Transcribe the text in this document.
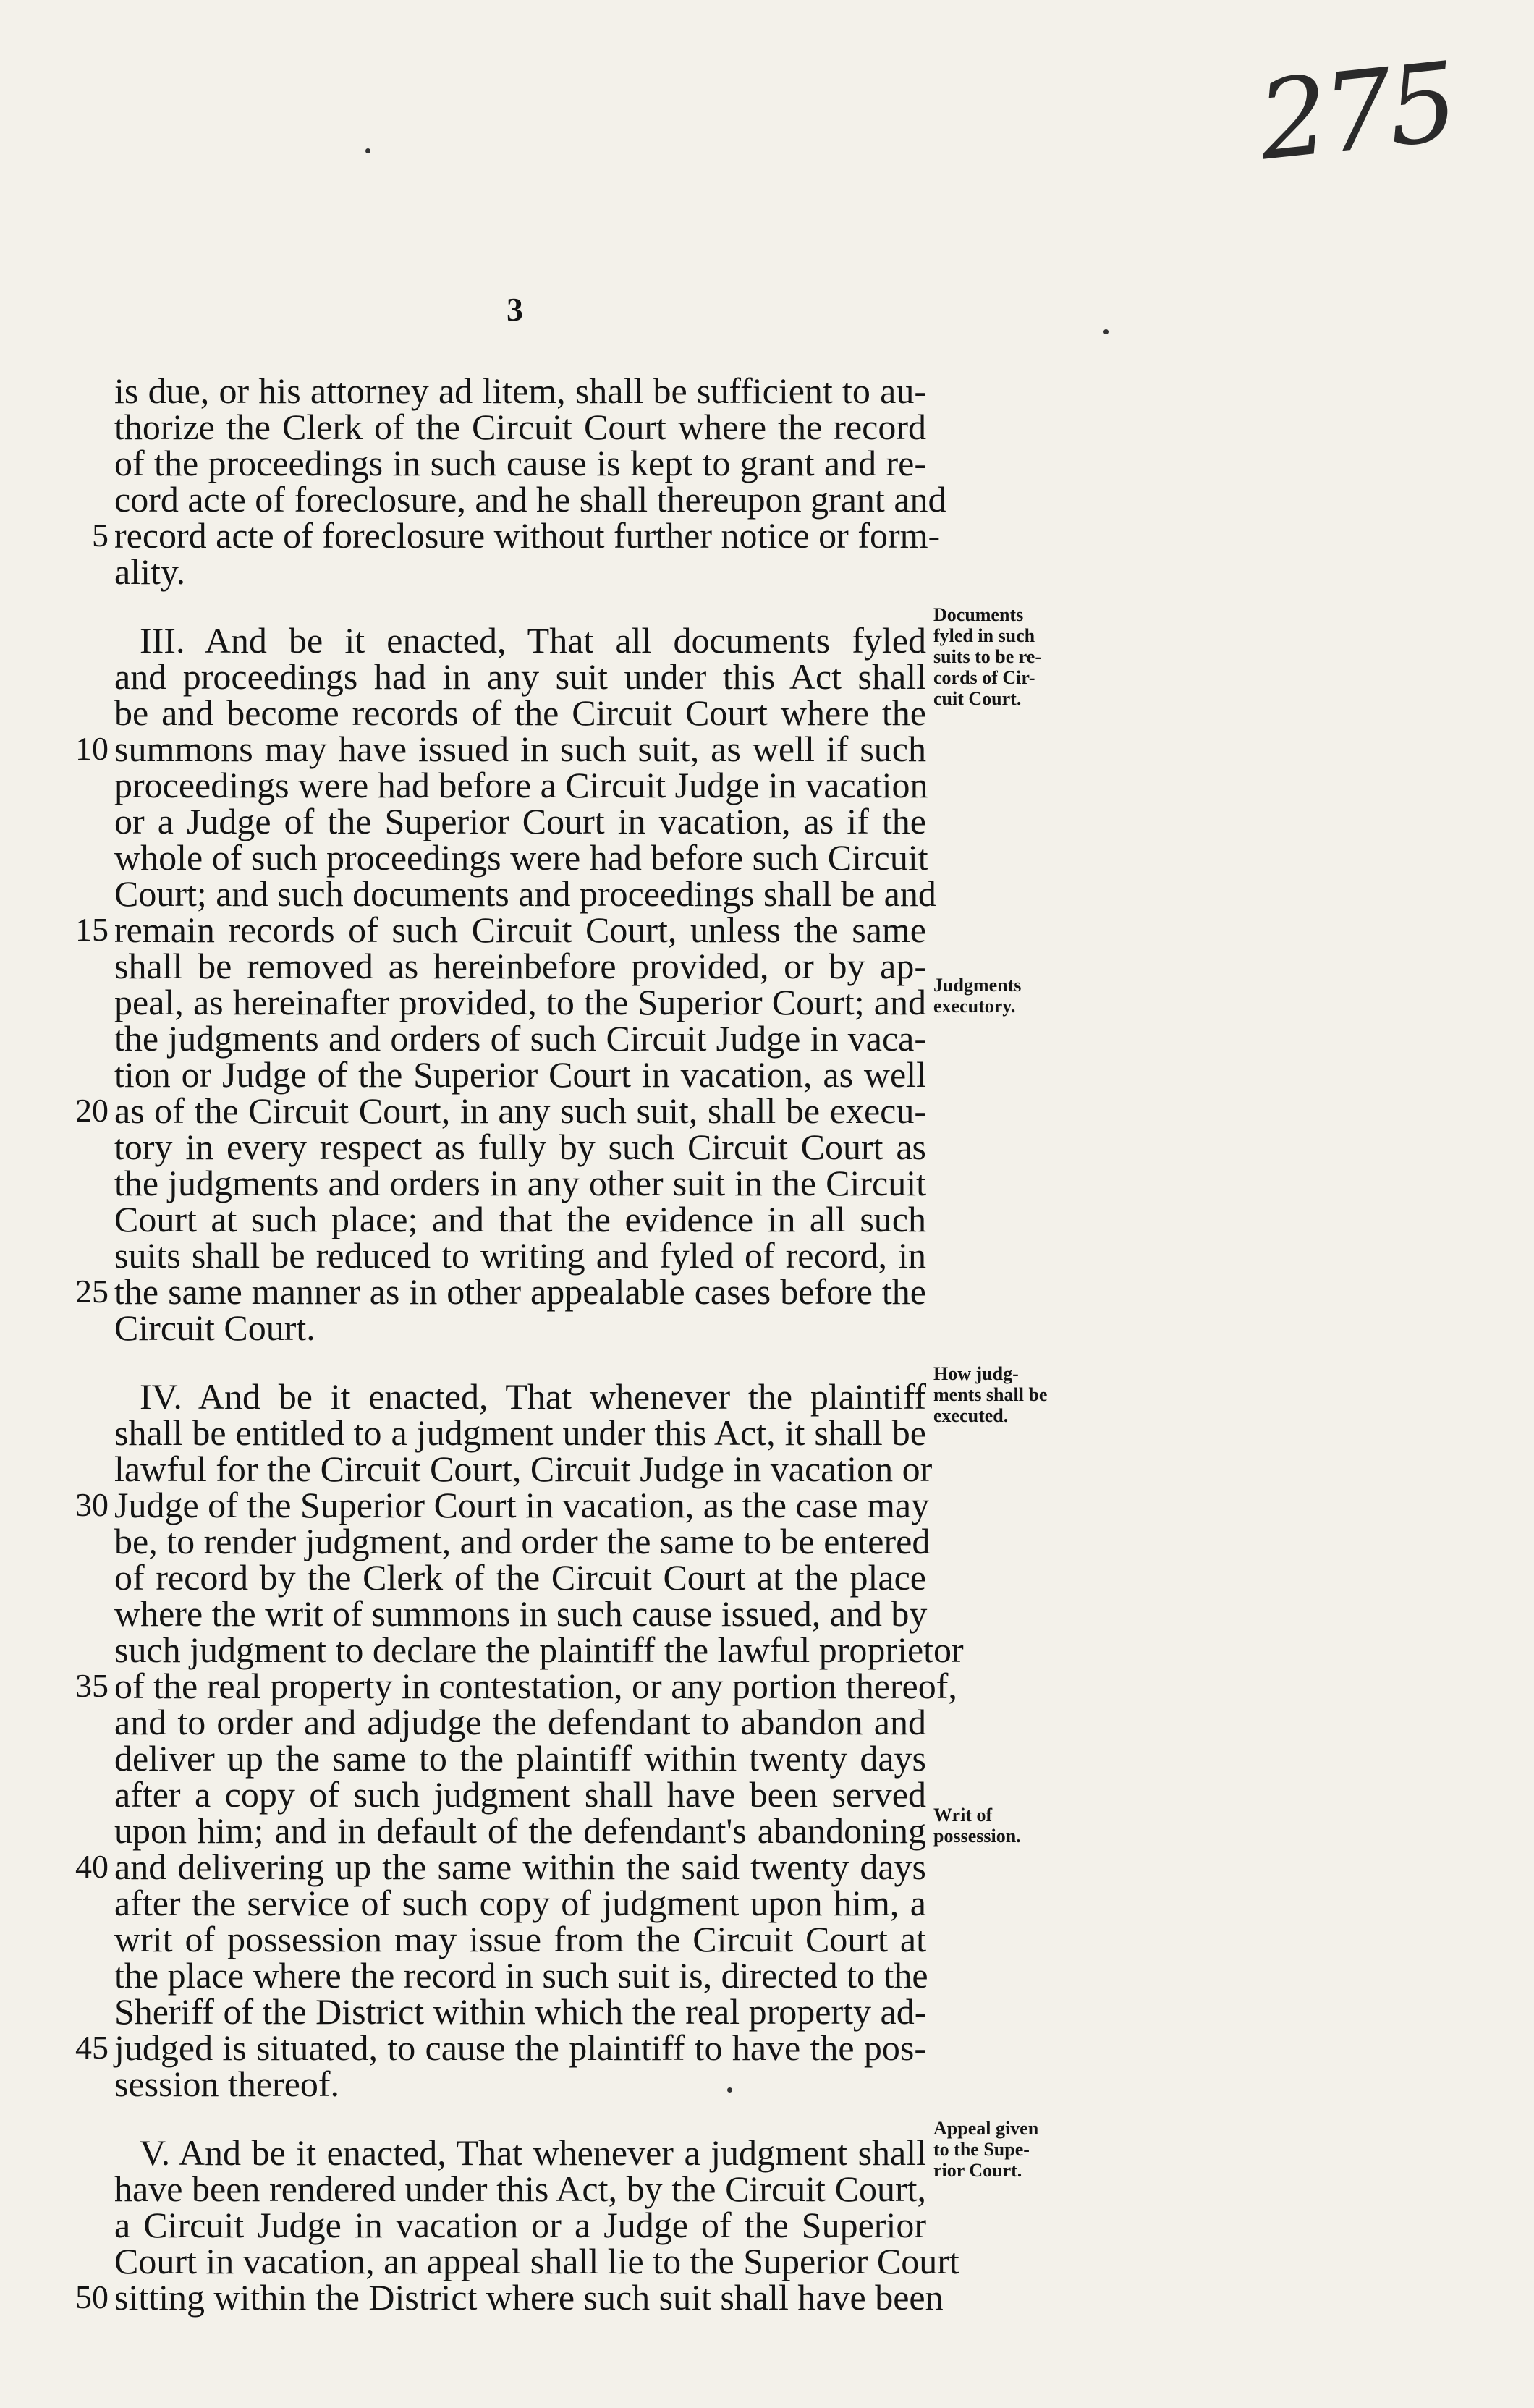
275
3
is due, or his attorney ad litem, shall be sufficient to au-
thorize the Clerk of the Circuit Court where the record
of the proceedings in such cause is kept to grant and re-
cord acte of foreclosure, and he shall thereupon grant and
record acte of foreclosure without further notice or form-
ality.
III. And be it enacted, That all documents fyled
and proceedings had in any suit under this Act shall
be and become records of the Circuit Court where the
summons may have issued in such suit, as well if such
proceedings were had before a Circuit Judge in vacation
or a Judge of the Superior Court in vacation, as if the
whole of such proceedings were had before such Circuit
Court; and such documents and proceedings shall be and
remain records of such Circuit Court, unless the same
shall be removed as hereinbefore provided, or by ap-
peal, as hereinafter provided, to the Superior Court; and
the judgments and orders of such Circuit Judge in vaca-
tion or Judge of the Superior Court in vacation, as well
as of the Circuit Court, in any such suit, shall be execu-
tory in every respect as fully by such Circuit Court as
the judgments and orders in any other suit in the Circuit
Court at such place; and that the evidence in all such
suits shall be reduced to writing and fyled of record, in
the same manner as in other appealable cases before the
Circuit Court.
IV. And be it enacted, That whenever the plaintiff
shall be entitled to a judgment under this Act, it shall be
lawful for the Circuit Court, Circuit Judge in vacation or
Judge of the Superior Court in vacation, as the case may
be, to render judgment, and order the same to be entered
of record by the Clerk of the Circuit Court at the place
where the writ of summons in such cause issued, and by
such judgment to declare the plaintiff the lawful proprietor
of the real property in contestation, or any portion thereof,
and to order and adjudge the defendant to abandon and
deliver up the same to the plaintiff within twenty days
after a copy of such judgment shall have been served
upon him; and in default of the defendant's abandoning
and delivering up the same within the said twenty days
after the service of such copy of judgment upon him, a
writ of possession may issue from the Circuit Court at
the place where the record in such suit is, directed to the
Sheriff of the District within which the real property ad-
judged is situated, to cause the plaintiff to have the pos-
session thereof.
V. And be it enacted, That whenever a judgment shall
have been rendered under this Act, by the Circuit Court,
a Circuit Judge in vacation or a Judge of the Superior
Court in vacation, an appeal shall lie to the Superior Court
sitting within the District where such suit shall have been
5
10
15
20
25
30
35
40
45
50
Documents
fyled in such
suits to be re-
cords of Cir-
cuit Court.
Judgments
executory.
How judg-
ments shall be
executed.
Writ of
possession.
Appeal given
to the Supe-
rior Court.
